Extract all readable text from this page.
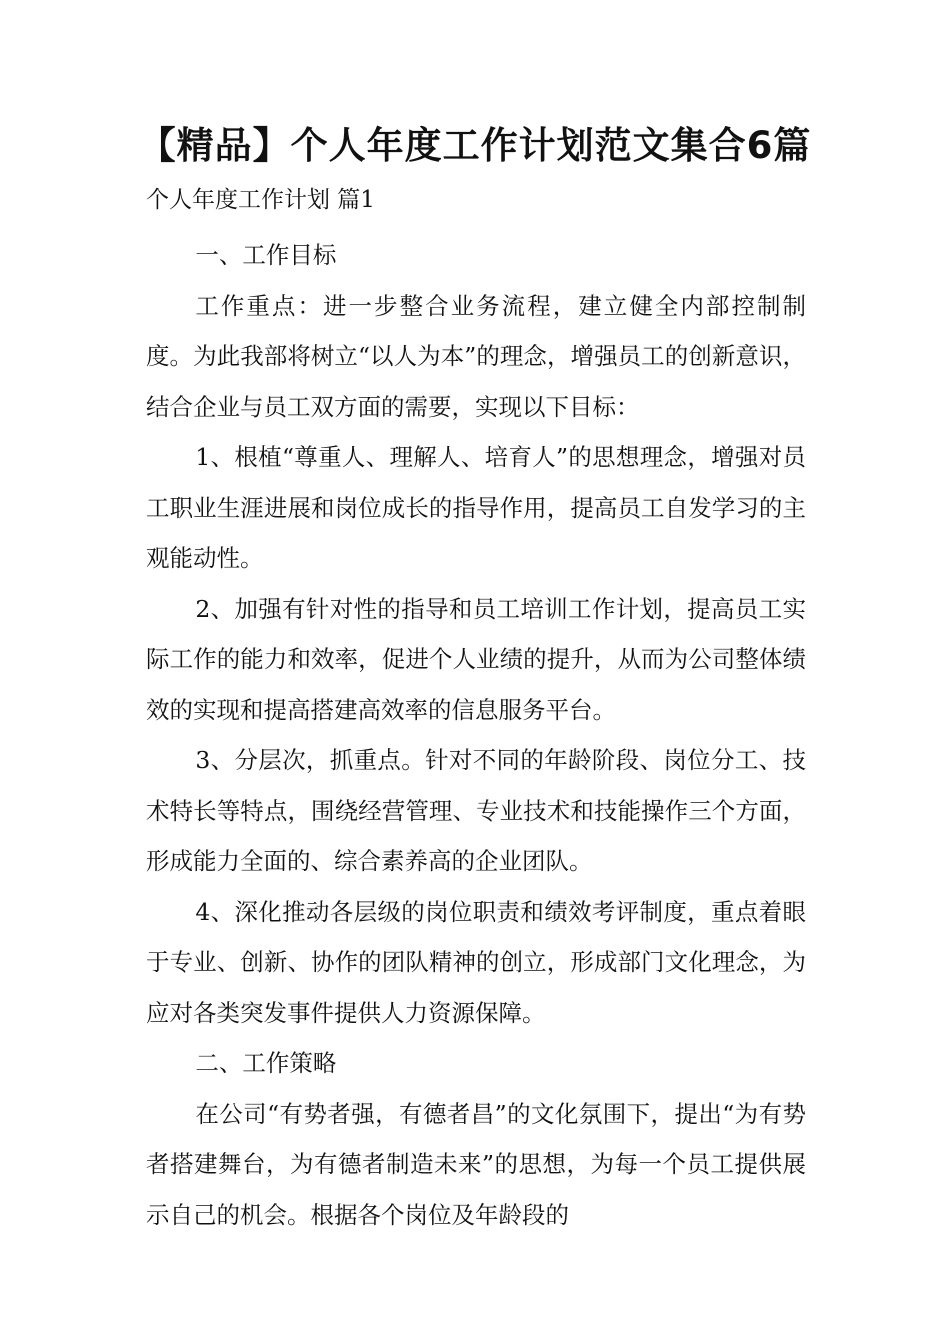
【精品】个人年度工作计划范文集合6篇

个人年度工作计划 篇1

一、工作目标

工作重点：进一步整合业务流程，建立健全内部控制制度。为此我部将树立“以人为本”的理念，增强员工的创新意识，结合企业与员工双方面的需要，实现以下目标：

1、根植“尊重人、理解人、培育人”的思想理念，增强对员工职业生涯进展和岗位成长的指导作用，提高员工自发学习的主观能动性。

2、加强有针对性的指导和员工培训工作计划，提高员工实际工作的能力和效率，促进个人业绩的提升，从而为公司整体绩效的实现和提高搭建高效率的信息服务平台。

3、分层次，抓重点。针对不同的年龄阶段、岗位分工、技术特长等特点，围绕经营管理、专业技术和技能操作三个方面，形成能力全面的、综合素养高的企业团队。

4、深化推动各层级的岗位职责和绩效考评制度，重点着眼于专业、创新、协作的团队精神的创立，形成部门文化理念，为应对各类突发事件提供人力资源保障。

二、工作策略

在公司“有势者强，有德者昌”的文化氛围下，提出“为有势者搭建舞台，为有德者制造未来”的思想，为每一个员工提供展示自己的机会。根据各个岗位及年龄段的
